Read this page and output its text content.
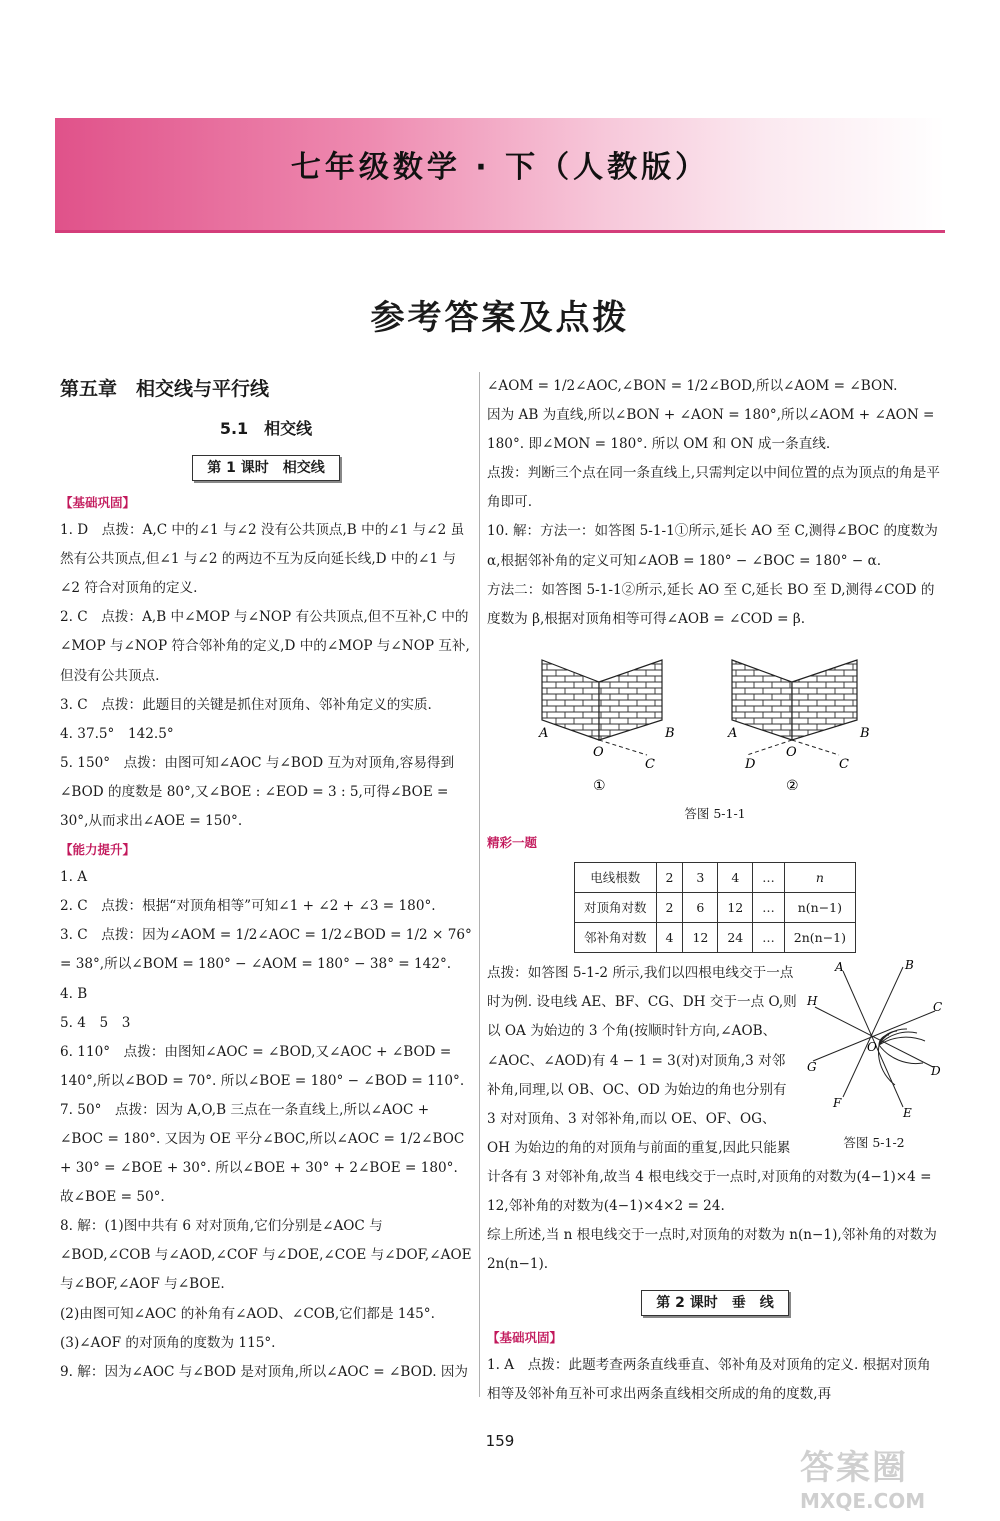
七年级数学 · 下（人教版）
参考答案及点拨
第五章　相交线与平行线
5.1　相交线
第 1 课时　相交线
【基础巩固】

1. D　点拨：A,C 中的∠1 与∠2 没有公共顶点,B 中的∠1 与∠2 虽然有公共顶点,但∠1 与∠2 的两边不互为反向延长线,D 中的∠1 与∠2 符合对顶角的定义.

2. C　点拨：A,B 中∠MOP 与∠NOP 有公共顶点,但不互补,C 中的∠MOP 与∠NOP 符合邻补角的定义,D 中的∠MOP 与∠NOP 互补,但没有公共顶点.

3. C　点拨：此题目的关键是抓住对顶角、邻补角定义的实质.

4. 37.5°　142.5°

5. 150°　点拨：由图可知∠AOC 与∠BOD 互为对顶角,容易得到∠BOD 的度数是 80°,又∠BOE : ∠EOD = 3 : 5,可得∠BOE = 30°,从而求出∠AOE = 150°.

【能力提升】

1. A

2. C　点拨：根据“对顶角相等”可知∠1 + ∠2 + ∠3 = 180°.

3. C　点拨：因为∠AOM = 1/2∠AOC = 1/2∠BOD = 1/2 × 76° = 38°,所以∠BOM = 180° − ∠AOM = 180° − 38° = 142°.

4. B

5. 4　5　3

6. 110°　点拨：由图知∠AOC = ∠BOD,又∠AOC + ∠BOD = 140°,所以∠BOD = 70°. 所以∠BOE = 180° − ∠BOD = 110°.

7. 50°　点拨：因为 A,O,B 三点在一条直线上,所以∠AOC + ∠BOC = 180°. 又因为 OE 平分∠BOC,所以∠AOC = 1/2∠BOC + 30° = ∠BOE + 30°. 所以∠BOE + 30° + 2∠BOE = 180°. 故∠BOE = 50°.

8. 解：(1)图中共有 6 对对顶角,它们分别是∠AOC 与∠BOD,∠COB 与∠AOD,∠COF 与∠DOE,∠COE 与∠DOF,∠AOE 与∠BOF,∠AOF 与∠BOE.

(2)由图可知∠AOC 的补角有∠AOD、∠COB,它们都是 145°.

(3)∠AOF 的对顶角的度数为 115°.

9. 解：因为∠AOC 与∠BOD 是对顶角,所以∠AOC = ∠BOD. 因为

∠AOM = 1/2∠AOC,∠BON = 1/2∠BOD,所以∠AOM = ∠BON.

因为 AB 为直线,所以∠BON + ∠AON = 180°,所以∠AOM + ∠AON = 180°. 即∠MON = 180°. 所以 OM 和 ON 成一条直线.

点拨：判断三个点在同一条直线上,只需判定以中间位置的点为顶点的角是平角即可.

10. 解：方法一：如答图 5-1-1①所示,延长 AO 至 C,测得∠BOC 的度数为 α,根据邻补角的定义可知∠AOB = 180° − ∠BOC = 180° − α.

方法二：如答图 5-1-1②所示,延长 AO 至 C,延长 BO 至 D,测得∠COD 的度数为 β,根据对顶角相等可得∠AOB = ∠COD = β.

A	B
O
C
①
A	B
O
C
D
②
答图 5-1-1
精彩一题
电线根数	2	3	4	…	n
对顶角对数	2	6	12	…	n(n−1)
邻补角对数	4	12	24	…	2n(n−1)
A	B
C
D
E
F
G
H
O
答图 5-1-2

点拨：如答图 5-1-2 所示,我们以四根电线交于一点时为例. 设电线 AE、BF、CG、DH 交于一点 O,则以 OA 为始边的 3 个角(按顺时针方向,∠AOB、∠AOC、∠AOD)有 4 − 1 = 3(对)对顶角,3 对邻补角,同理,以 OB、OC、OD 为始边的角也分别有 3 对对顶角、3 对邻补角,而以 OE、OF、OG、OH 为始边的角的对顶角与前面的重复,因此只能累计各有 3 对邻补角,故当 4 根电线交于一点时,对顶角的对数为(4−1)×4 = 12,邻补角的对数为(4−1)×4×2 = 24.

综上所述,当 n 根电线交于一点时,对顶角的对数为 n(n−1),邻补角的对数为 2n(n−1).

第 2 课时　垂　线
【基础巩固】

1. A　点拨：此题考查两条直线垂直、邻补角及对顶角的定义. 根据对顶角相等及邻补角互补可求出两条直线相交所成的角的度数,再

159
答案圈
MXQE.COM
